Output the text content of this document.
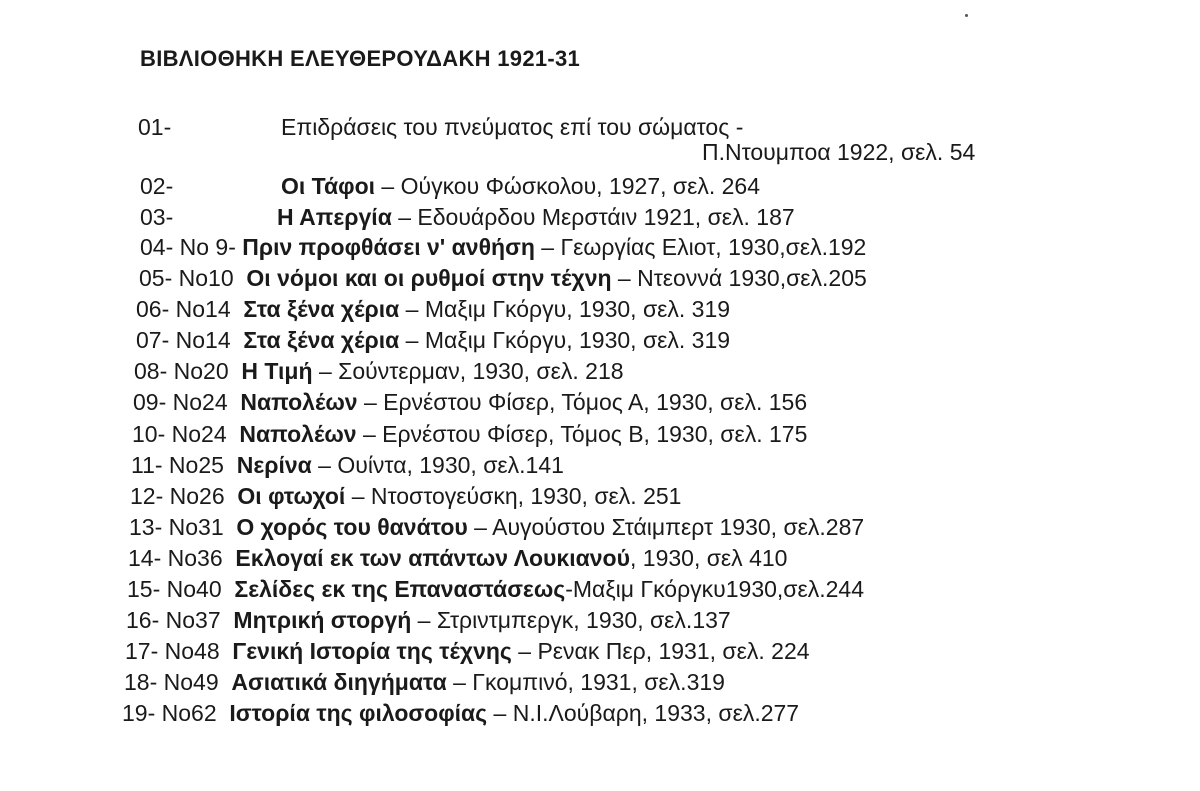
ΒΙΒΛΙΟΘΗΚΗ ΕΛΕΥΘΕΡΟΥΔΑΚΗ 1921-31
01-	Επιδράσεις του πνεύματος επί του σώματος -
Π.Ντουμποα 1922, σελ. 54
02-	Οι Τάφοι – Ούγκου Φώσκολου, 1927, σελ. 264
03-	Η Απεργία – Εδουάρδου Μερστάιν 1921, σελ. 187
04- Νο 9- Πριν προφθάσει ν' ανθήση – Γεωργίας Ελιοτ, 1930,σελ.192
05- Νο10 Οι νόμοι και οι ρυθμοί στην τέχνη – Ντεοννά 1930,σελ.205
06- Νο14 Στα ξένα χέρια – Μαξιμ Γκόργυ, 1930, σελ. 319
07- Νο14 Στα ξένα χέρια – Μαξιμ Γκόργυ, 1930, σελ. 319
08- Νο20 Η Τιμή – Σούντερμαν, 1930, σελ. 218
09- Νο24 Ναπολέων – Ερνέστου Φίσερ, Τόμος Α, 1930, σελ. 156
10- Νο24 Ναπολέων – Ερνέστου Φίσερ, Τόμος Β, 1930, σελ. 175
11- Νο25 Νερίνα – Ουίντα, 1930, σελ.141
12- Νο26 Οι φτωχοί – Ντοστογεύσκη, 1930, σελ. 251
13- Νο31 Ο χορός του θανάτου – Αυγούστου Στάιμπερτ 1930, σελ.287
14- Νο36 Εκλογαί εκ των απάντων Λουκιανού, 1930, σελ 410
15- Νο40 Σελίδες εκ της Επαναστάσεως-Μαξιμ Γκόργκυ1930,σελ.244
16- Νο37 Μητρική στοργή – Στριντμπεργκ, 1930, σελ.137
17- Νο48 Γενική Ιστορία της τέχνης – Ρενακ Περ, 1931, σελ. 224
18- Νο49 Ασιατικά διηγήματα – Γκομπινό, 1931, σελ.319
19- Νο62 Ιστορία της φιλοσοφίας – Ν.Ι.Λούβαρη, 1933, σελ.277
